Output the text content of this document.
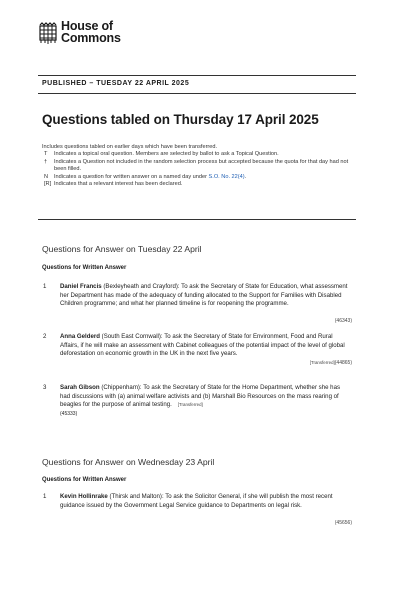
House of
Commons
PUBLISHED – TUESDAY 22 APRIL 2025
Questions tabled on Thursday 17 April 2025
Includes questions tabled on earlier days which have been transferred.
T	Indicates a topical oral question. Members are selected by ballot to ask a Topical Question.
†	Indicates a Question not included in the random selection process but accepted because the quota for that day had not been filled.
N	Indicates a question for written answer on a named day under S.O. No. 22(4).
[R] Indicates that a relevant interest has been declared.
Questions for Answer on Tuesday 22 April
Questions for Written Answer
1	Daniel Francis (Bexleyheath and Crayford): To ask the Secretary of State for Education, what assessment her Department has made of the adequacy of funding allocated to the Support for Families with Disabled Children programme; and what her planned timeline is for reopening the programme.
(46343)
2	Anna Gelderd (South East Cornwall): To ask the Secretary of State for Environment, Food and Rural Affairs, if he will make an assessment with Cabinet colleagues of the potential impact of the level of global deforestation on economic growth in the UK in the next five years.
[Transferred](44865)
3	Sarah Gibson (Chippenham): To ask the Secretary of State for the Home Department, whether she has had discussions with (a) animal welfare activists and (b) Marshall Bio Resources on the mass rearing of beagles for the purpose of animal testing. [Transferred]
(45333)
Questions for Answer on Wednesday 23 April
Questions for Written Answer
1	Kevin Hollinrake (Thirsk and Malton): To ask the Solicitor General, if she will publish the most recent guidance issued by the Government Legal Service guidance to Departments on legal risk.
(45656)
